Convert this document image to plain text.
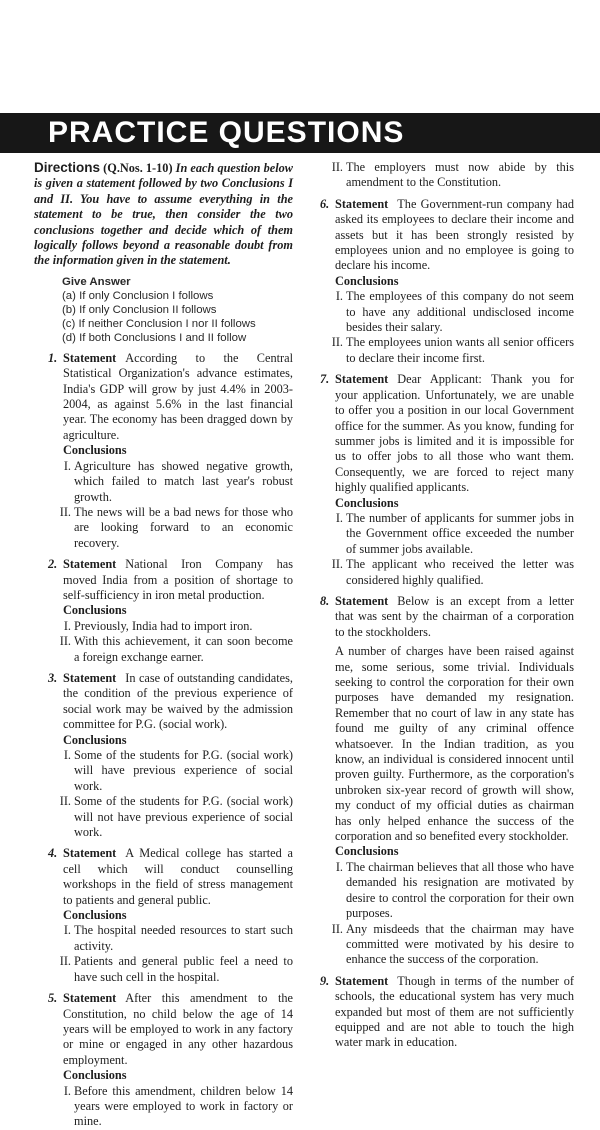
PRACTICE QUESTIONS

Directions (Q.Nos. 1-10) In each question below is given a statement followed by two Conclusions I and II. You have to assume everything in the statement to be true, then consider the two conclusions together and decide which of them logically follows beyond a reasonable doubt from the information given in the statement.

Give Answer
(a) If only Conclusion I follows
(b) If only Conclusion II follows
(c) If neither Conclusion I nor II follows
(d) If both Conclusions I and II follow
1. Statement According to the Central Statistical Organization's advance estimates, India's GDP will grow by just 4.4% in 2003-2004, as against 5.6% in the last financial year. The economy has been dragged down by agriculture.

Conclusions
I. Agriculture has showed negative growth, which failed to match last year's robust growth.
II. The news will be a bad news for those who are looking forward to an economic recovery.
2. Statement National Iron Company has moved India from a position of shortage to self-sufficiency in iron metal production.

Conclusions
I. Previously, India had to import iron.
II. With this achievement, it can soon become a foreign exchange earner.
3. Statement In case of outstanding candidates, the condition of the previous experience of social work may be waived by the admission committee for P.G. (social work).

Conclusions
I. Some of the students for P.G. (social work) will have previous experience of social work.
II. Some of the students for P.G. (social work) will not have previous experience of social work.
4. Statement A Medical college has started a cell which will conduct counselling workshops in the field of stress management to patients and general public.

Conclusions
I. The hospital needed resources to start such activity.
II. Patients and general public feel a need to have such cell in the hospital.
5. Statement After this amendment to the Constitution, no child below the age of 14 years will be employed to work in any factory or mine or engaged in any other hazardous employment.

Conclusions
I. Before this amendment, children below 14 years were employed to work in factory or mine.
II. The employers must now abide by this amendment to the Constitution.
6. Statement The Government-run company had asked its employees to declare their income and assets but it has been strongly resisted by employees union and no employee is going to declare his income.

Conclusions
I. The employees of this company do not seem to have any additional undisclosed income besides their salary.
II. The employees union wants all senior officers to declare their income first.
7. Statement Dear Applicant: Thank you for your application. Unfortunately, we are unable to offer you a position in our local Government office for the summer. As you know, funding for summer jobs is limited and it is impossible for us to offer jobs to all those who want them. Consequently, we are forced to reject many highly qualified applicants.

Conclusions
I. The number of applicants for summer jobs in the Government office exceeded the number of summer jobs available.
II. The applicant who received the letter was considered highly qualified.
8. Statement Below is an except from a letter that was sent by the chairman of a corporation to the stockholders.

A number of charges have been raised against me, some serious, some trivial. Individuals seeking to control the corporation for their own purposes have demanded my resignation. Remember that no court of law in any state has found me guilty of any criminal offence whatsoever. In the Indian tradition, as you know, an individual is considered innocent until proven guilty. Furthermore, as the corporation's unbroken six-year record of growth will show, my conduct of my official duties as chairman has only helped enhance the success of the corporation and so benefited every stockholder.

Conclusions
I. The chairman believes that all those who have demanded his resignation are motivated by desire to control the corporation for their own purposes.
II. Any misdeeds that the chairman may have committed were motivated by his desire to enhance the success of the corporation.
9. Statement Though in terms of the number of schools, the educational system has very much expanded but most of them are not sufficiently equipped and are not able to touch the high water mark in education.
